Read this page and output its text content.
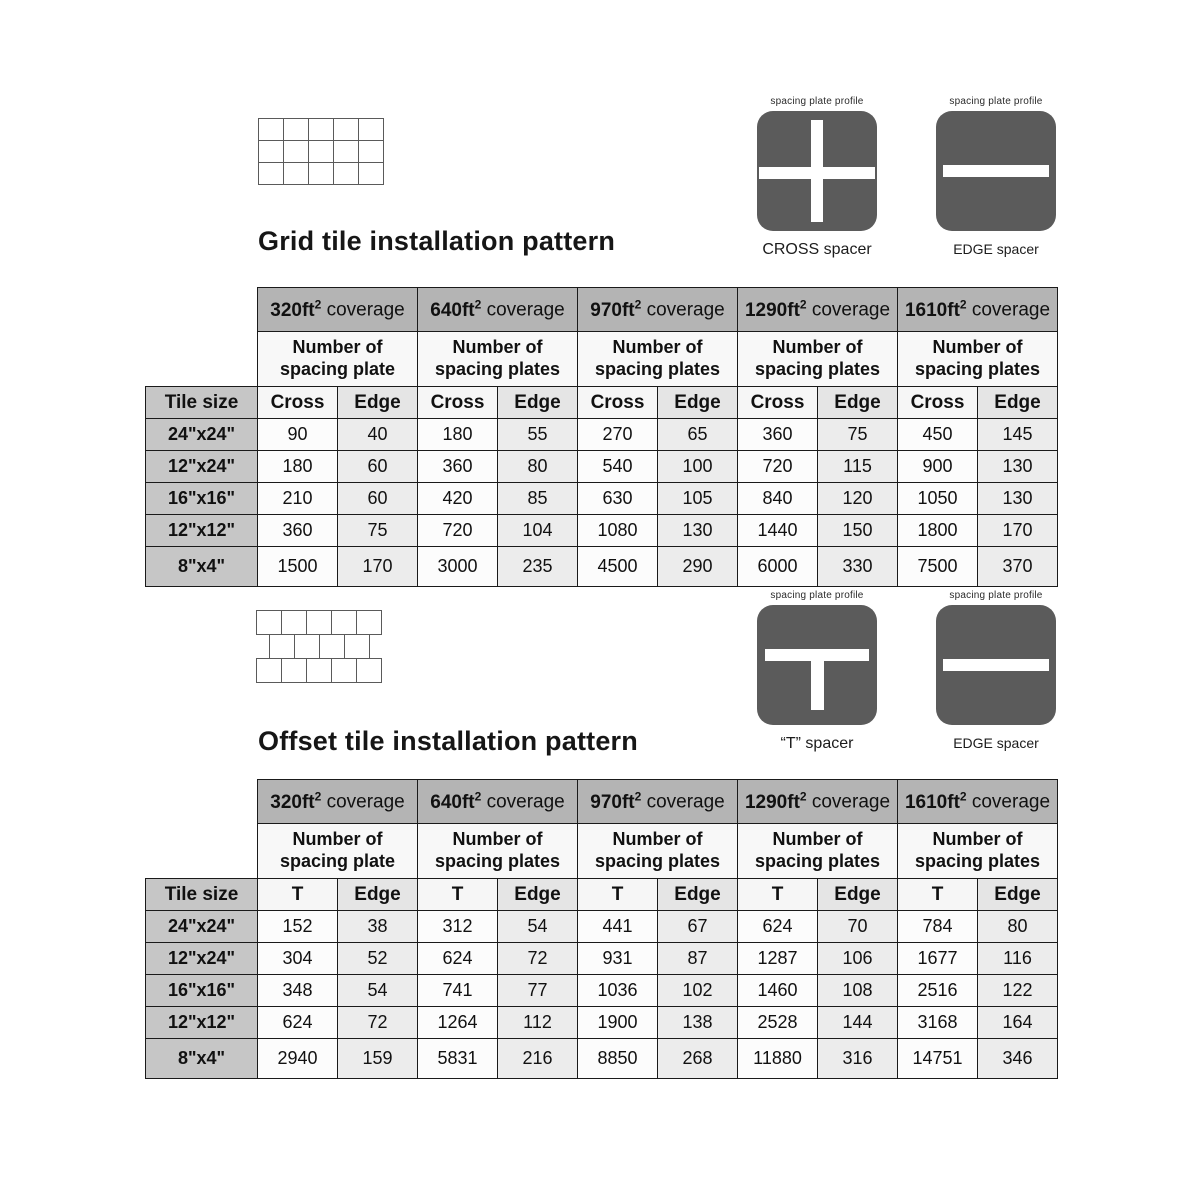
Grid tile installation pattern
spacing plate profile
CROSS spacer
spacing plate profile
EDGE spacer
	$320ft^2$ coverage		$640ft^2$ coverage		$970ft^2$ coverage		$1290ft^2$ coverage		$1610ft^2$ coverage	

Number of
spacing plate

Number of
spacing plates

Number of
spacing plates

Number of
spacing plates

Number of
spacing plates

Tile size	Cross	Edge	Cross	Edge	Cross	Edge	Cross	Edge	Cross	Edge
24"x24"	90	40	180	55	270	65	360	75	450	145
12"x24"	180	60	360	80	540	100	720	115	900	130
16"x16"	210	60	420	85	630	105	840	120	1050	130
12"x12"	360	75	720	104	1080	130	1440	150	1800	170
8"x4"	1500	170	3000	235	4500	290	6000	330	7500	370
Offset tile installation pattern
spacing plate profile
“T” spacer
spacing plate profile
EDGE spacer
	$320ft^2$ coverage		$640ft^2$ coverage		$970ft^2$ coverage		$1290ft^2$ coverage		$1610ft^2$ coverage	

Number of
spacing plate

Number of
spacing plates

Number of
spacing plates

Number of
spacing plates

Number of
spacing plates

Tile size	T	Edge	T	Edge	T	Edge	T	Edge	T	Edge
24"x24"	152	38	312	54	441	67	624	70	784	80
12"x24"	304	52	624	72	931	87	1287	106	1677	116
16"x16"	348	54	741	77	1036	102	1460	108	2516	122
12"x12"	624	72	1264	112	1900	138	2528	144	3168	164
8"x4"	2940	159	5831	216	8850	268	11880	316	14751	346
